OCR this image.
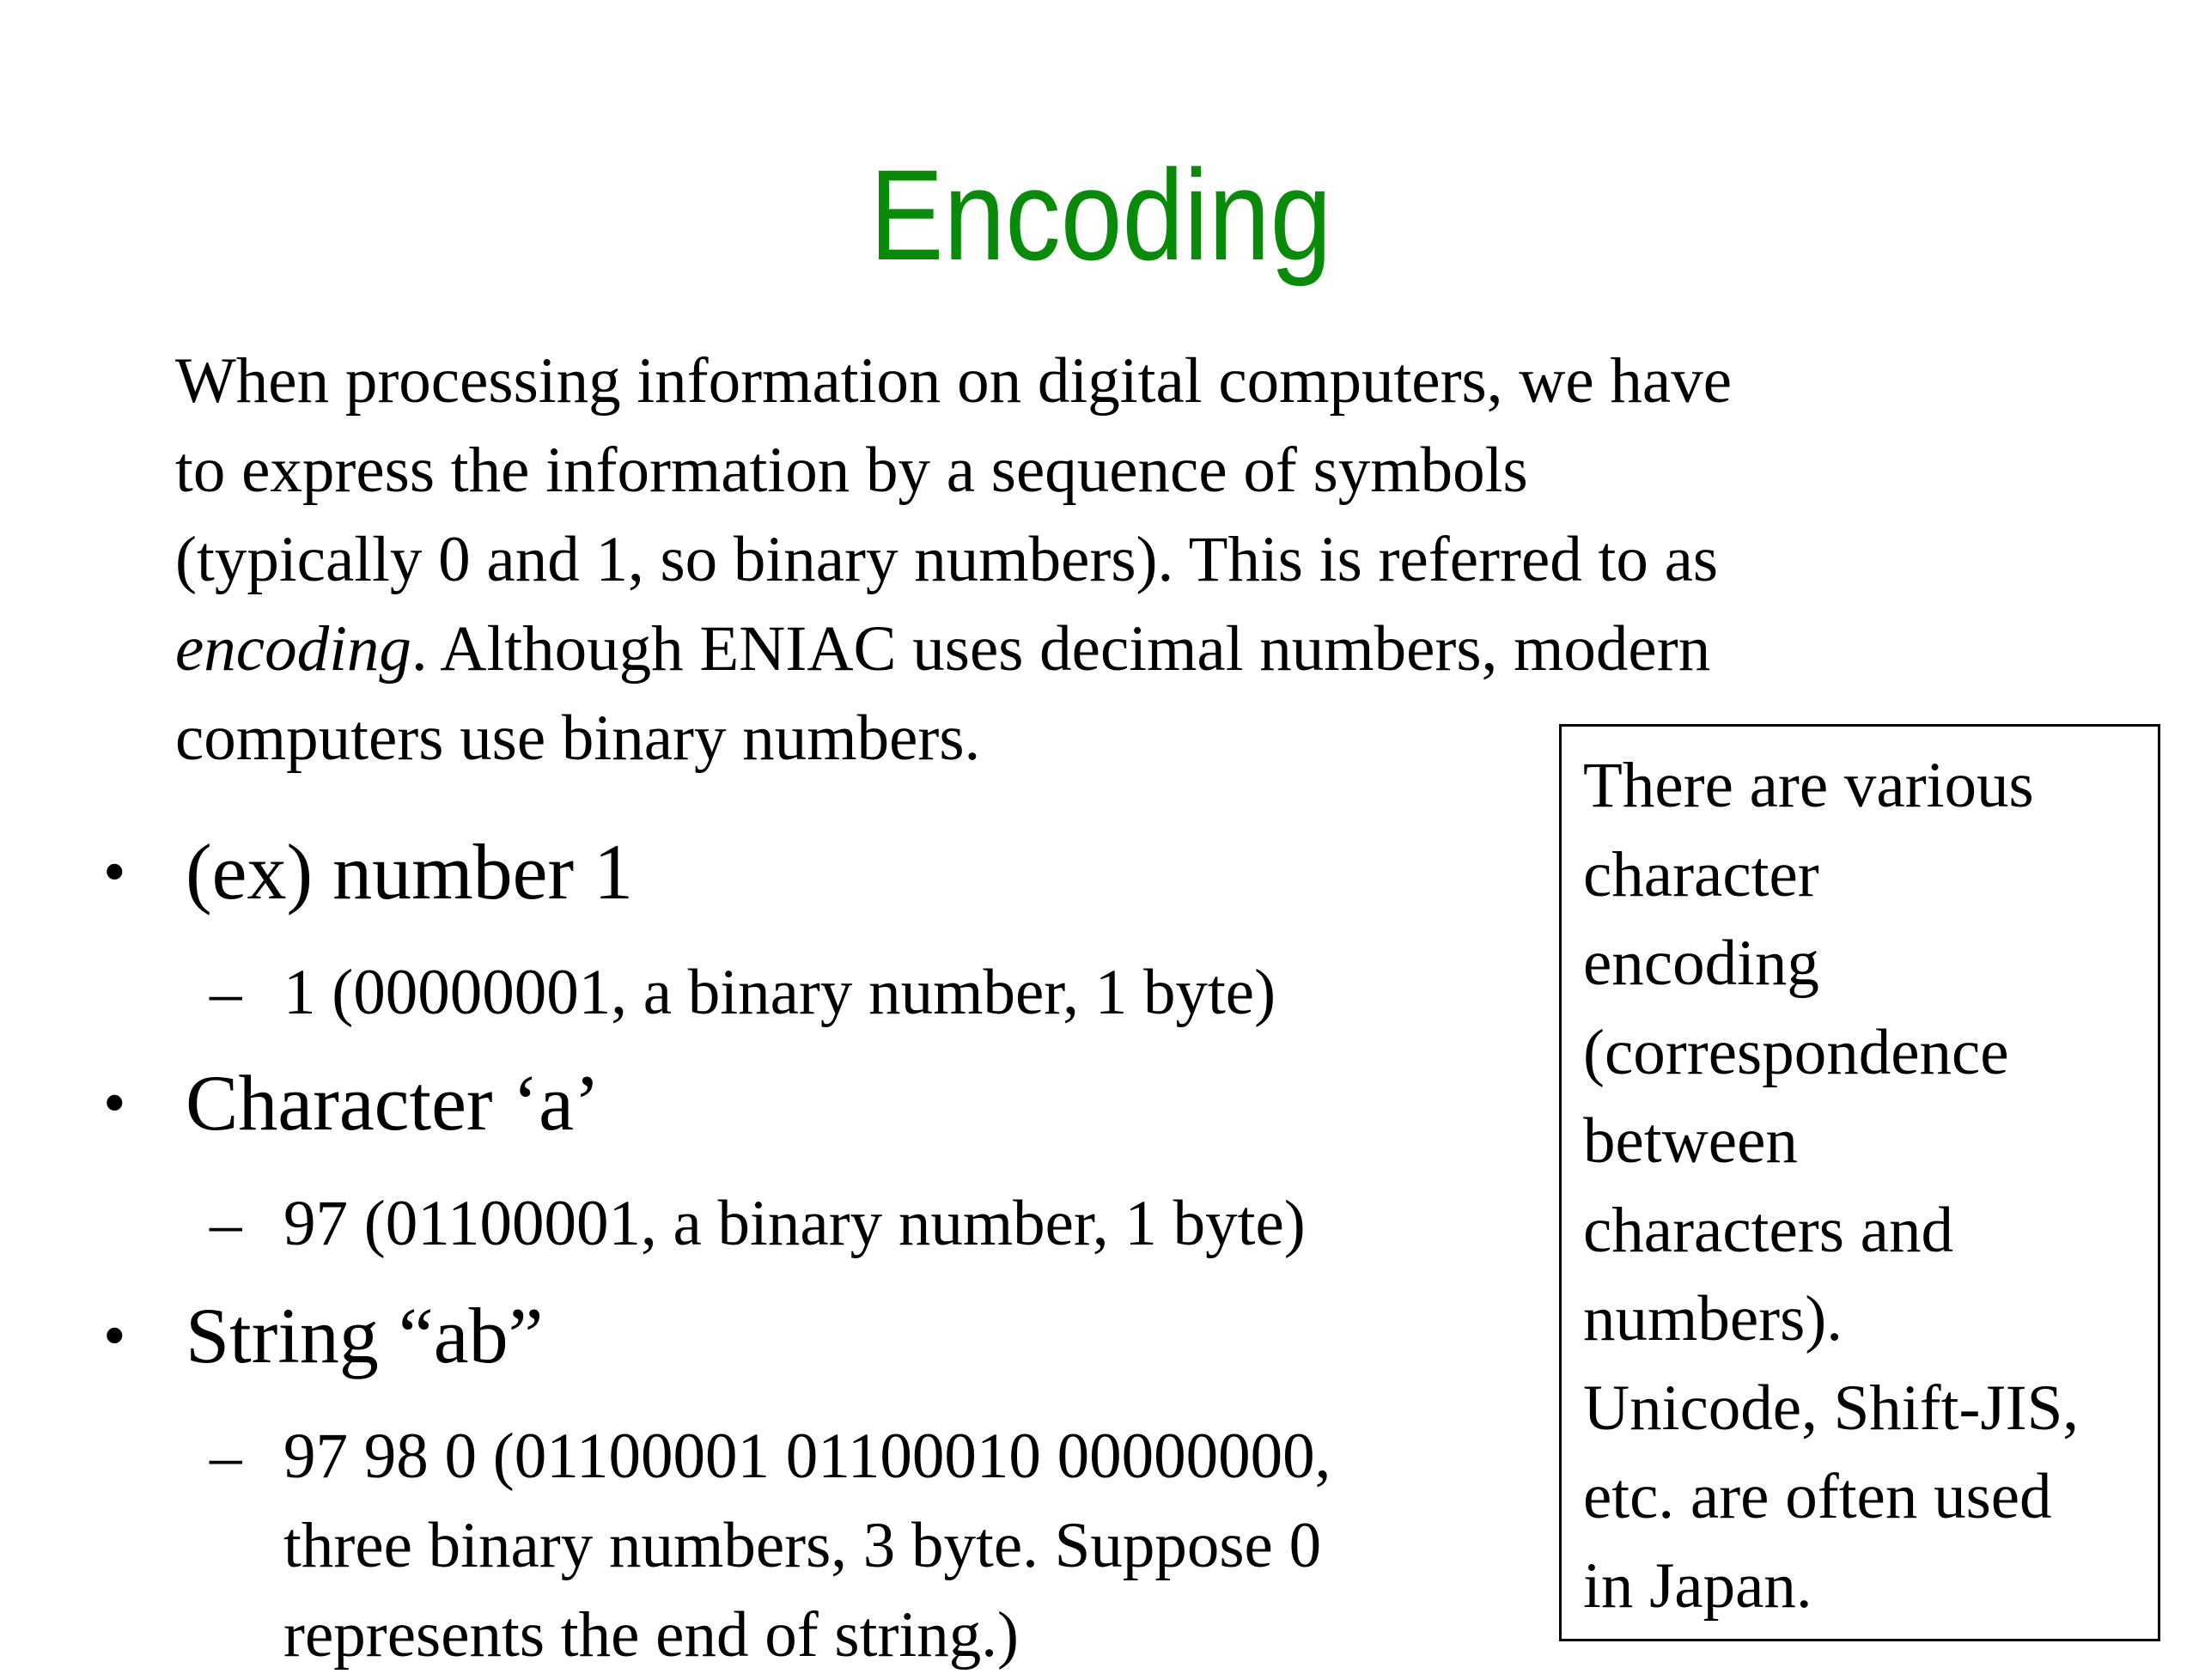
Encoding
When processing information on digital computers, we have
to express the information by a sequence of symbols
(typically 0 and 1, so binary numbers). This is referred to as
encoding. Although ENIAC uses decimal numbers, modern
computers use binary numbers.
• (ex) number 1
– 1 (00000001, a binary number, 1 byte)
• Character ‘a’
– 97 (01100001, a binary number, 1 byte)
• String “ab”
– 97 98 0 (01100001 01100010 00000000,
three binary numbers, 3 byte. Suppose 0
represents the end of string.)
There are various
character
encoding
(correspondence
between
characters and
numbers).
Unicode, Shift-JIS,
etc. are often used
in Japan.
